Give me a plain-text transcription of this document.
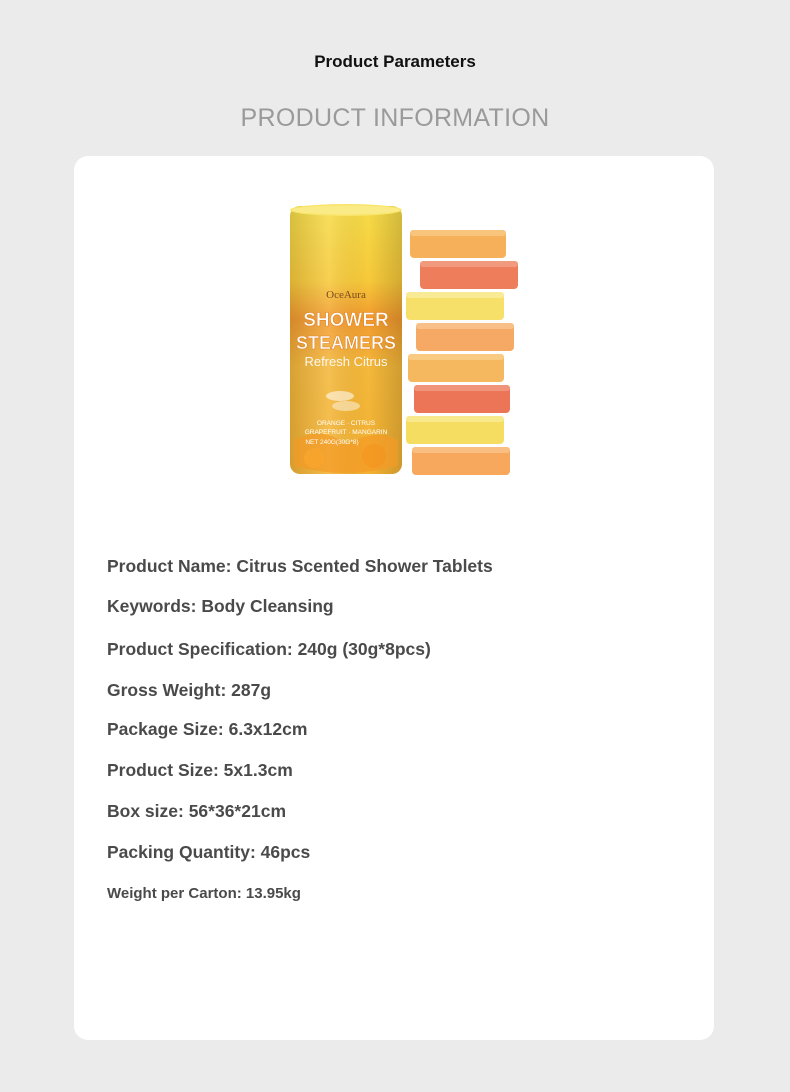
Product Parameters
PRODUCT INFORMATION
OceAura
SHOWER
STEAMERS
Refresh Citrus
ORANGE · CITRUS
GRAPEFRUIT · MANGARIN
NET 240G(30G*8)
Product Name: Citrus Scented Shower Tablets
Keywords: Body Cleansing
Product Specification: 240g (30g*8pcs)
Gross Weight: 287g
Package Size: 6.3x12cm
Product Size: 5x1.3cm
Box size: 56*36*21cm
Packing Quantity: 46pcs
Weight per Carton: 13.95kg
